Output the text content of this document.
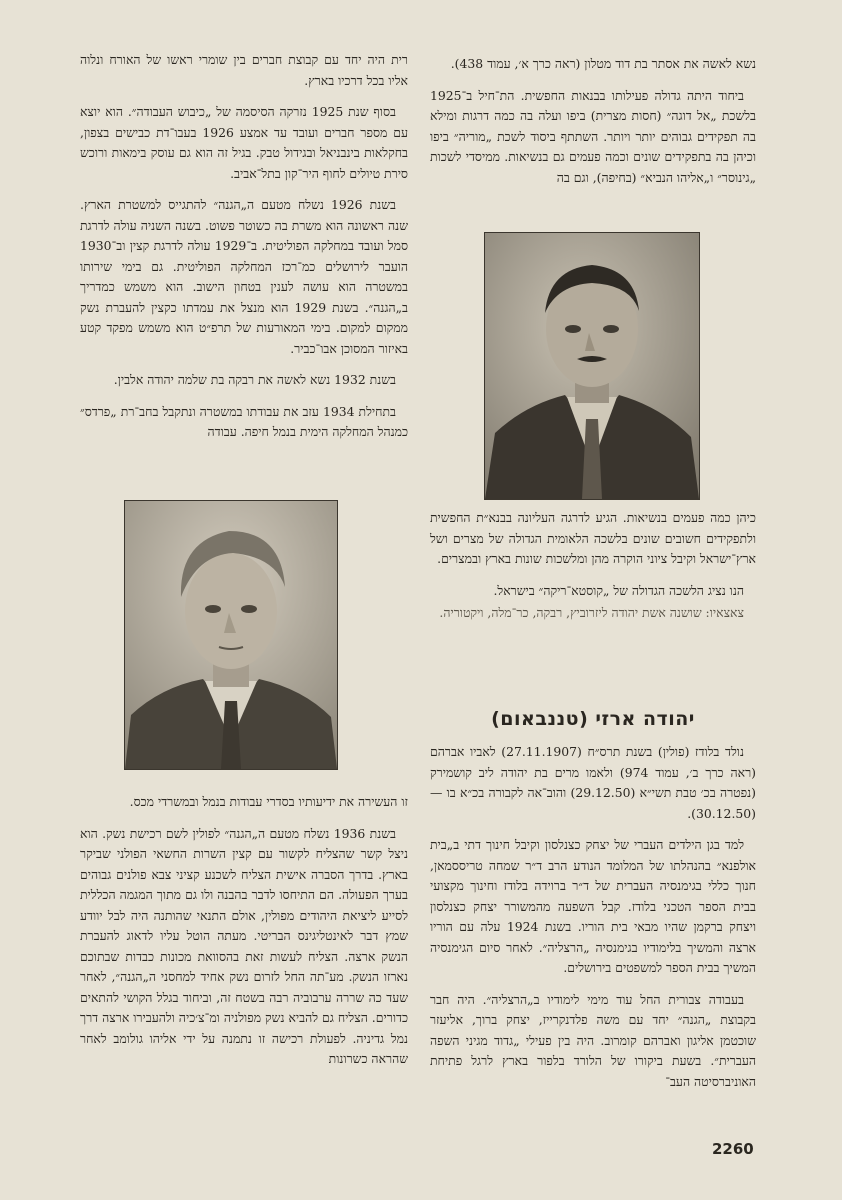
נשא לאשה את אסתר בת דוד מטלון (ראה כרך א׳, עמוד 438).

ביחוד היתה גדולה פעילותו בבנאות החפשית. הת־חיל ב־1925 בלשכת „אל דוגה״ (חסות מצרית) ביפו ועלה בה כמה דרגות ומילא בה תפקידים גבוהים יותר ויותר. השתתף ביסוד לשכת „מוריה״ ביפו וכיהן בה בתפקידים שונים וכמה פעמים גם בנשיאות. ממיסדי לשכות „גינוסר״ ו„אליהו הנביא״ (בחיפה), וגם בה

כיהן כמה פעמים בנשיאות. הגיע לדרגה העליונה בבנא״ת החפשית ולתפקידים חשובים שונים בלשכה הלאומית הגדולה של מצרים ושל ארץ־ישראל וקיבל ציוני הוקרה מהן ומלשכות שונות בארץ ובמצרים.

הנו נציג הלשכה הגדולה של „קוסטא־ריקה״ בישראל.

צאצאיו: שושנה אשת יהודה ליזרוביץ, רבקה, כר־מלה, ויקטוריה.

יהודה ארזי (טננבאום)

נולד בלודז (פולין) בשנת תרס״ח (27.11.1907) לאביו אברהם (ראה כרך ב׳, עמוד 974) ולאמו מרים בת יהודה ליב קושמירק (נפטרה בכ׳ טבת תשי״א (29.12.50) והוב־אה לקבורה בכ״א בו — (30.12.50).

למד בגן הילדים העברי של יצחק כצנלסון וקיבל חינוך דתי ב„בית אולפנא״ בהנהלתו של המלומד הנודע הרב ד״ר שמחה טריססמאן, חנוך כללי בגימנסיה העברית של ד״ר ברוידה בלודז וחינוך מקצועי בבית הספר הטכני בלודז. קבל השפעה מהמשורר יצחק כצנלסון ויצחק ברקמן שהיו מבאי בית הוריו. בשנת 1924 עלה עם הוריו ארצה והמשיך בלימודיו בגימנסיה „הרצליה״. לאחר סיום הגימנסיה המשיך בבית הספר למשפטים בירושלים.

בעבודה צבורית החל עוד מימי לימודיו ב„הרצליה״. היה חבר בקבוצת „הגנה״ יחד עם משה פלדנקרייז, יצחק ברוך, אליעזר שוכטמן אליגון ואברהם קומרוב. היה בין פעילי „גדוד מגיני השפה העברית״. בשעת ביקורו של הלורד בלפור בארץ לרגל פתיחת האוניברסיטה העב־

רית היה יחד עם קבוצת חברים בין שומרי ראשו של האורח ונלוה אליו בכל דרכיו בארץ.

בסוף שנת 1925 נזרקה הסיסמה של „כיבוש העבודה״. הוא יוצא עם מספר חברים ועובד עד אמצע 1926 בעבו־דת כבישים בצפון, בחקלאות בינבניאל ובגידול טבק. בגיל זה הוא גם עוסק בימאות ורוכש סירת טיולים לחוף היר־קון בתל־אביב.

בשנת 1926 נשלח מטעם ה„הגנה״ להתגייס למשטרת הארץ. שנה ראשונה הוא משרת בה כשוטר פשוט. בשנה השניה עולה לדרגת סמל ועובד במחלקה הפוליטית. ב־1929 עולה לדרגת קצין וב־1930 הועבר לירושלים כמ־רכז המחלקה הפוליטית. גם בימי שירותו במשטרה הוא עושה לענין בטחון הישוב. הוא משמש כמדריך ב„הגנה״. בשנת 1929 הוא מנצל את עמדתו כקצין להעברת נשק ממקום למקום. בימי המאורעות של תרפ״ט הוא משמש מפקד קטע באיזור המסוכן אבו־כביר.

בשנת 1932 נשא לאשה את רבקה בת שלמה יהודה אלבין.

בתחילת 1934 עזב את עבודתו במשטרה ונתקבל בחב־רת „פרדס״ כמנהל המחלקה הימית בנמל חיפה. עבודה

זו העשירה את ידיעותיו בסדרי עבודות בנמל ובמשרדי מכס.

בשנת 1936 נשלח מטעם ה„הגנה״ לפולין לשם רכישת נשק. הוא ניצל קשר שהצליח לקשור עם קצין השרות החשאי הפולני שביקר בארץ. בדרך הסברה אישית הצליח לשכנע קציני צבא פולנים גבוהים בערך הפעולה. הם התיחסו לדבר בהבנה ולו גם מתוך המגמה הכללית לסייע ליציאת היהודים מפולין, אולם התנאי שהותנה היה לבל יוודע שמץ דבר לאינטליגינס הבריטי. מעתה הוטל עליו לדאוג להעברת הנשק ארצה. הצליח לעשות זאת בהסוואת מכונות כבדות שבתוכם נארזו הנשק. מע־תה החל לזרום נשק אחיד למחסני ה„הגנה״, לאחר שעד כה שררה ערבוביה רבה בשטח זה, וביחוד בגלל הקושי להתאים כדורים. הצליח גם להביא נשק מפולניה ומ־צ׳כיה ולהעבירו ארצה דרך נמל גדיניה. לפעולת רכישה זו נתמנה על ידי אליהו גולומב לאחר שהראה כשרונות

2260
